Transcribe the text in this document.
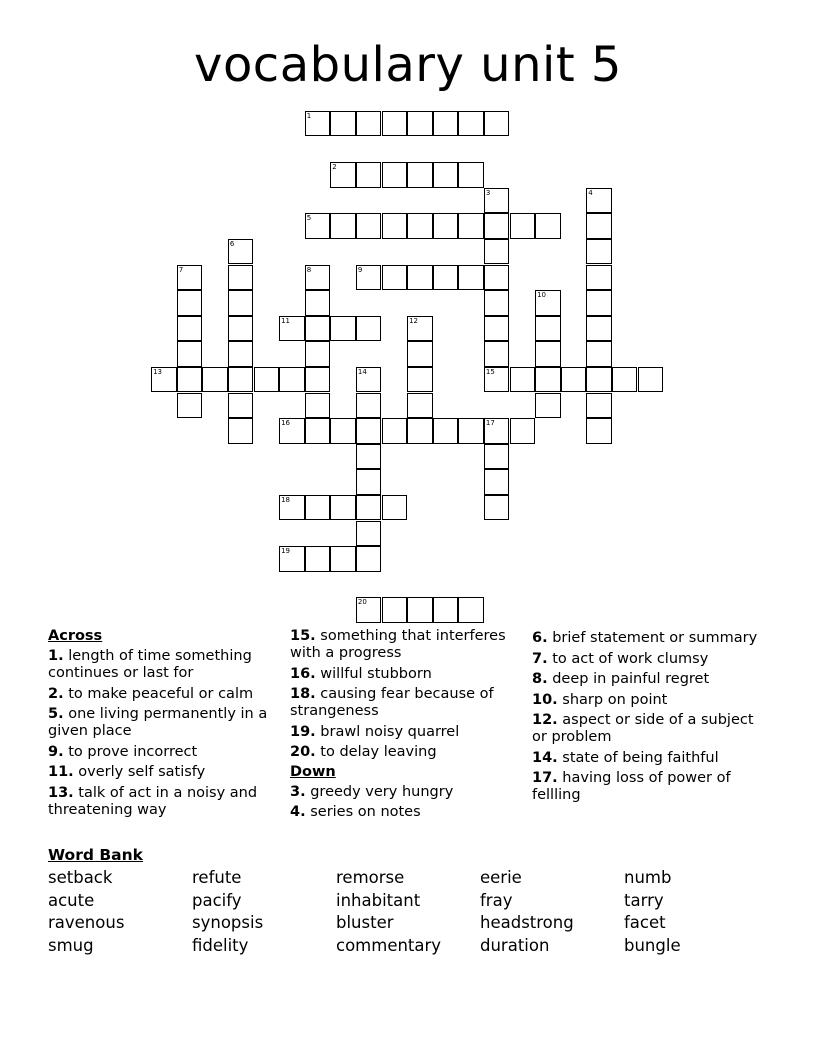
vocabulary unit 5
1
2
3	4
5
6
7	8	9
10
11	12
13	14	15
16	17
18
19
20
Across
1. length of time something continues or last for
2. to make peaceful or calm
5. one living permanently in a given place
9. to prove incorrect
11. overly self satisfy
13. talk of act in a noisy and threatening way
15. something that interferes with a progress
16. willful stubborn
18. causing fear because of strangeness
19. brawl noisy quarrel
20. to delay leaving
Down
3. greedy very hungry
4. series on notes
6. brief statement or summary
7. to act of work clumsy
8. deep in painful regret
10. sharp on point
12. aspect or side of a subject or problem
14. state of being faithful
17. having loss of power of fellling
Word Bank
setback
acute
ravenous
smug
refute
pacify
synopsis
fidelity
remorse
inhabitant
bluster
commentary
eerie
fray
headstrong
duration
numb
tarry
facet
bungle
